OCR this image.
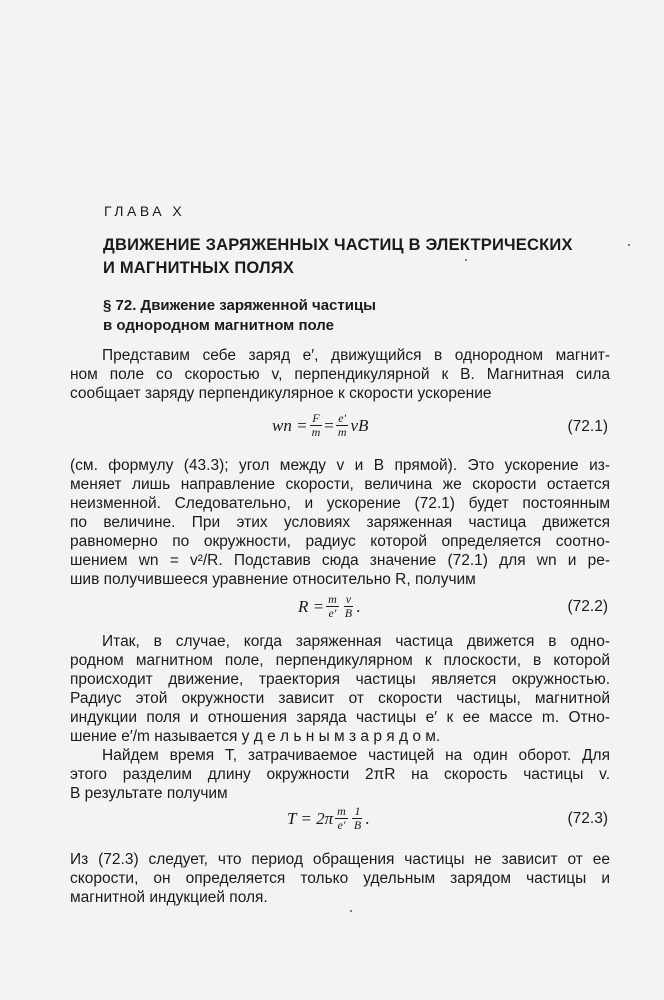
ГЛАВА X
ДВИЖЕНИЕ ЗАРЯЖЕННЫХ ЧАСТИЦ В ЭЛЕКТРИЧЕСКИХ
И МАГНИТНЫХ ПОЛЯХ
§ 72. Движение заряженной частицы
в однородном магнитном поле
Представим себе заряд e′, движущийся в однородном магнит-
ном поле со скоростью v, перпендикулярной к B. Магнитная сила
сообщает заряду перпендикулярное к скорости ускорение
wn = $\frac{F}{m} = \frac{e'}{m}$ vB	(72.1)
(см. формулу (43.3); угол между v и B прямой). Это ускорение из-
меняет лишь направление скорости, величина же скорости остается
неизменной. Следовательно, и ускорение (72.1) будет постоянным
по величине. При этих условиях заряженная частица движется
равномерно по окружности, радиус которой определяется соотно-
шением wn = v²/R. Подставив сюда значение (72.1) для wn и ре-
шив получившееся уравнение относительно R, получим
$R = \frac{m}{e'} \frac{v}{B}$ .	(72.2)
Итак, в случае, когда заряженная частица движется в одно-
родном магнитном поле, перпендикулярном к плоскости, в которой
происходит движение, траектория частицы является окружностью.
Радиус этой окружности зависит от скорости частицы, магнитной
индукции поля и отношения заряда частицы e′ к ее массе m. Отно-
шение e′/m называется у д е л ь н ы м з а р я д о м.
Найдем время T, затрачиваемое частицей на один оборот. Для
этого разделим длину окружности 2πR на скорость частицы v.
В результате получим
$T = 2\pi \frac{m}{e'} \frac{1}{B}$ .	(72.3)
Из (72.3) следует, что период обращения частицы не зависит от ее
скорости, он определяется только удельным зарядом частицы и
магнитной индукцией поля.
